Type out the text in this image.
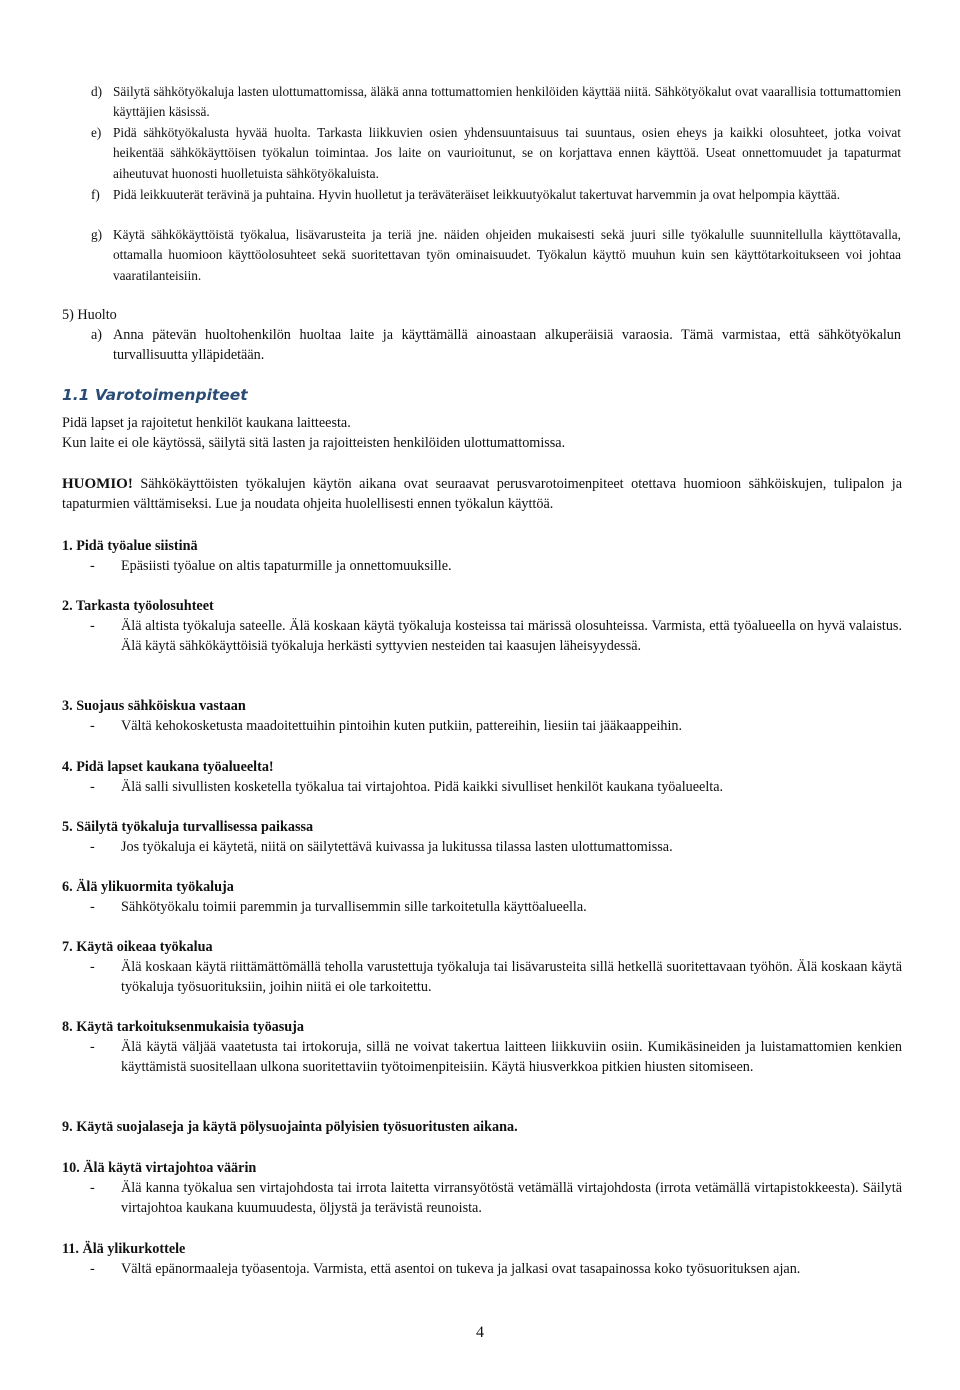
d) Säilytä sähkötyökaluja lasten ulottumattomissa, äläkä anna tottumattomien henkilöiden käyttää niitä. Sähkötyökalut ovat vaarallisia tottumattomien käyttäjien käsissä.

e) Pidä sähkötyökalusta hyvää huolta. Tarkasta liikkuvien osien yhdensuuntaisuus tai suuntaus, osien eheys ja kaikki olosuhteet, jotka voivat heikentää sähkökäyttöisen työkalun toimintaa. Jos laite on vaurioitunut, se on korjattava ennen käyttöä. Useat onnettomuudet ja tapaturmat aiheutuvat huonosti huolletuista sähkötyökaluista.

f) Pidä leikkuuterät terävinä ja puhtaina. Hyvin huolletut ja teräväteräiset leikkuutyökalut takertuvat harvemmin ja ovat helpompia käyttää.

g) Käytä sähkökäyttöistä työkalua, lisävarusteita ja teriä jne. näiden ohjeiden mukaisesti sekä juuri sille työkalulle suunnitellulla käyttötavalla, ottamalla huomioon käyttöolosuhteet sekä suoritettavan työn ominaisuudet. Työkalun käyttö muuhun kuin sen käyttötarkoitukseen voi johtaa vaaratilanteisiin.

5) Huolto

a) Anna pätevän huoltohenkilön huoltaa laite ja käyttämällä ainoastaan alkuperäisiä varaosia. Tämä varmistaa, että sähkötyökalun turvallisuutta ylläpidetään.

1.1 Varotoimenpiteet

Pidä lapset ja rajoitetut henkilöt kaukana laitteesta.

Kun laite ei ole käytössä, säilytä sitä lasten ja rajoitteisten henkilöiden ulottumattomissa.

HUOMIO! Sähkökäyttöisten työkalujen käytön aikana ovat seuraavat perusvarotoimenpiteet otettava huomioon sähköiskujen, tulipalon ja tapaturmien välttämiseksi. Lue ja noudata ohjeita huolellisesti ennen työkalun käyttöä.

1. Pidä työalue siistinä

- Epäsiisti työalue on altis tapaturmille ja onnettomuuksille.

2. Tarkasta työolosuhteet

- Älä altista työkaluja sateelle. Älä koskaan käytä työkaluja kosteissa tai märissä olosuhteissa. Varmista, että työalueella on hyvä valaistus. Älä käytä sähkökäyttöisiä työkaluja herkästi syttyvien nesteiden tai kaasujen läheisyydessä.

3. Suojaus sähköiskua vastaan

- Vältä kehokosketusta maadoitettuihin pintoihin kuten putkiin, pattereihin, liesiin tai jääkaappeihin.

4. Pidä lapset kaukana työalueelta!

- Älä salli sivullisten kosketella työkalua tai virtajohtoa. Pidä kaikki sivulliset henkilöt kaukana työalueelta.

5. Säilytä työkaluja turvallisessa paikassa

- Jos työkaluja ei käytetä, niitä on säilytettävä kuivassa ja lukitussa tilassa lasten ulottumattomissa.

6. Älä ylikuormita työkaluja

- Sähkötyökalu toimii paremmin ja turvallisemmin sille tarkoitetulla käyttöalueella.

7. Käytä oikeaa työkalua

- Älä koskaan käytä riittämättömällä teholla varustettuja työkaluja tai lisävarusteita sillä hetkellä suoritettavaan työhön. Älä koskaan käytä työkaluja työsuorituksiin, joihin niitä ei ole tarkoitettu.

8. Käytä tarkoituksenmukaisia työasuja

- Älä käytä väljää vaatetusta tai irtokoruja, sillä ne voivat takertua laitteen liikkuviin osiin. Kumikäsineiden ja luistamattomien kenkien käyttämistä suositellaan ulkona suoritettaviin työtoimenpiteisiin. Käytä hiusverkkoa pitkien hiusten sitomiseen.

9. Käytä suojalaseja ja käytä pölysuojainta pölyisien työsuoritusten aikana.

10. Älä käytä virtajohtoa väärin

- Älä kanna työkalua sen virtajohdosta tai irrota laitetta virransyötöstä vetämällä virtajohdosta (irrota vetämällä virtapistokkeesta). Säilytä virtajohtoa kaukana kuumuudesta, öljystä ja terävistä reunoista.

11. Älä ylikurkottele

- Vältä epänormaaleja työasentoja. Varmista, että asentoi on tukeva ja jalkasi ovat tasapainossa koko työsuorituksen ajan.

4
